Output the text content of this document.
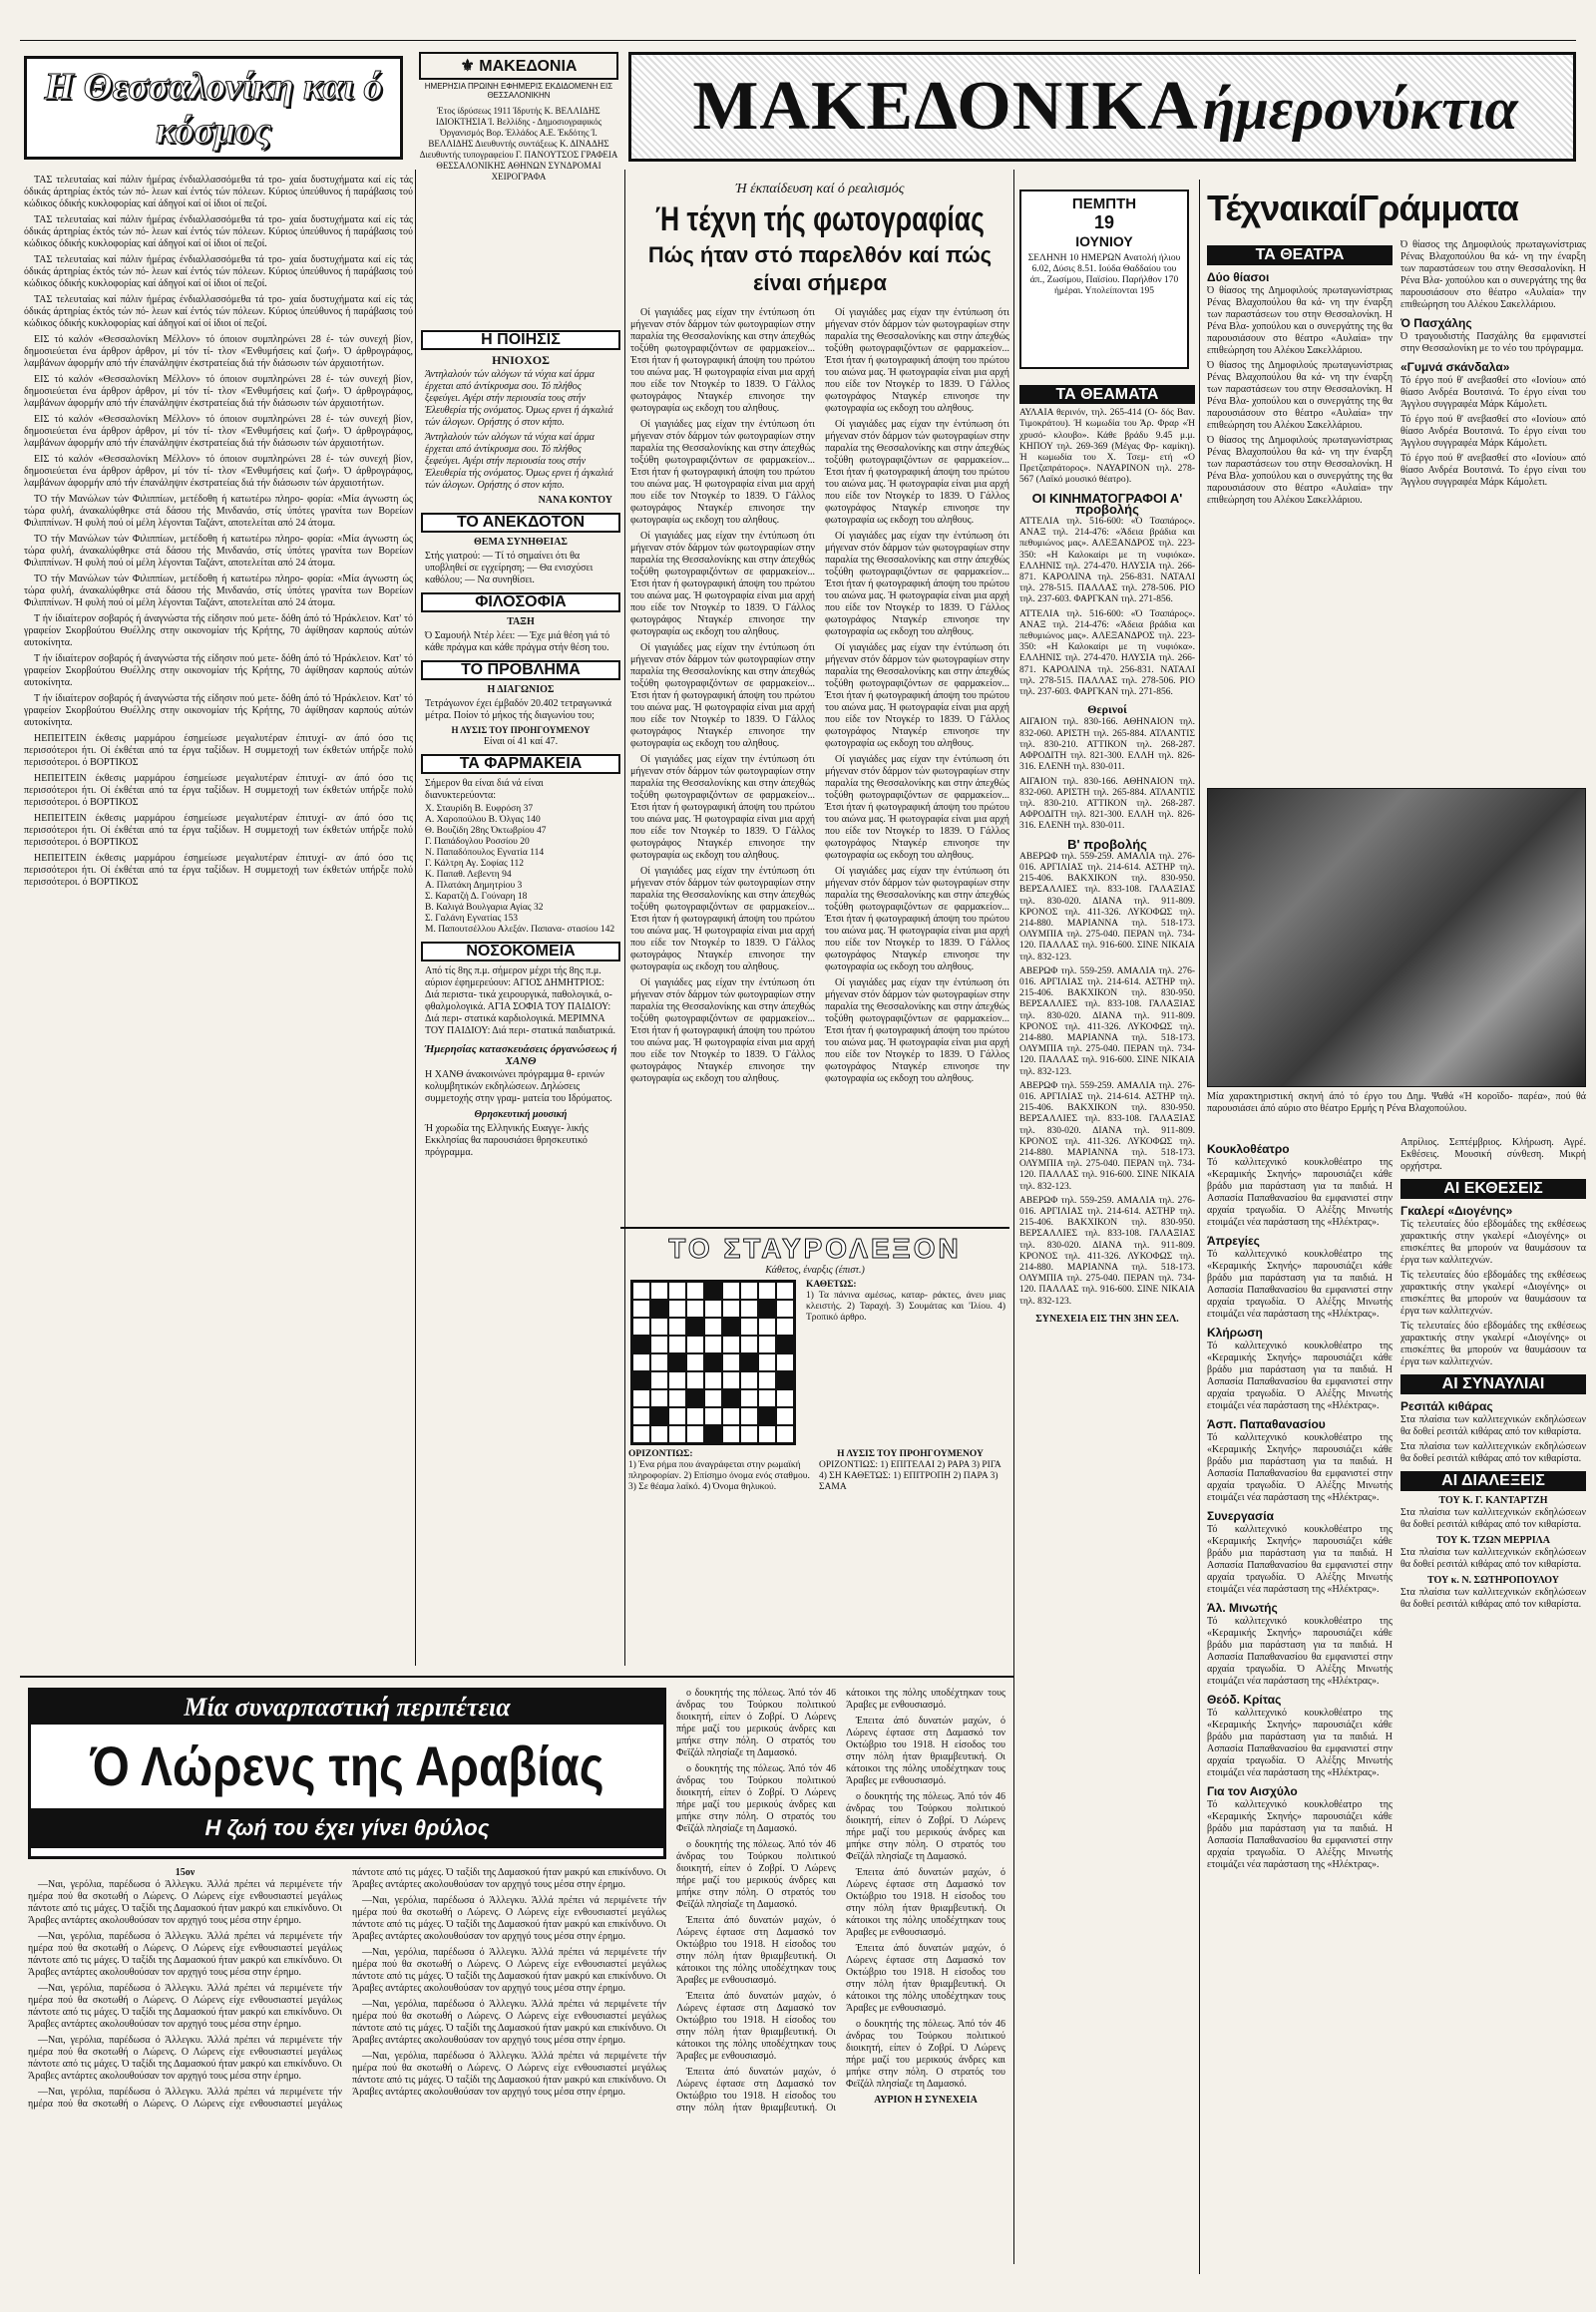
Η Θεσσαλονίκη και ό κόσμος
⚜ ΜΑΚΕΔΟΝΙΑ
ΗΜΕΡΗΣΙΑ ΠΡΩΙΝΗ ΕΦΗΜΕΡΙΣ ΕΚΔΙΔΟΜΕΝΗ ΕΙΣ ΘΕΣΣΑΛΟΝΙΚΗΝ
Έτος ίδρύσεως 1911 Ίδρυτής Κ. ΒΕΛΛΙΔΗΣ ΙΔΙΟΚΤΗΣΙΑ Ί. Βελλίδης - Δημοσιογραφικός Όργανισμός Βορ. Έλλάδος Α.Ε. Έκδότης Ί. ΒΕΛΛΙΔΗΣ Διευθυντής συντάξεως Κ. ΔΙΝΑΔΗΣ Διευθυντής τυπογραφείου Γ. ΠΑΝΟΥΤΣΟΣ ΓΡΑΦΕΙΑ ΘΕΣΣΑΛΟΝΙΚΗΣ ΑΘΗΝΩΝ ΣΥΝΔΡΟΜΑΙ ΧΕΙΡΟΓΡΑΦΑ
ΜΑΚΕΔΟΝΙΚΑ ήμερονύκτια

ΤΑΣ τελευταίας καί πάλιν ήμέρας ένδιαλλασσόμεθα τά τρο- χαία δυστυχήματα καί είς τάς όδικάς άρτηρίας έκτός τών πό- λεων καί έντός τών πόλεων. Κύριος ύπεύθυνος ή παράβασις τού κώδικος όδικής κυκλοφορίας καί άδηγοί καί οί ίδιοι οί πεζοί.

ΤΑΣ τελευταίας καί πάλιν ήμέρας ένδιαλλασσόμεθα τά τρο- χαία δυστυχήματα καί είς τάς όδικάς άρτηρίας έκτός τών πό- λεων καί έντός τών πόλεων. Κύριος ύπεύθυνος ή παράβασις τού κώδικος όδικής κυκλοφορίας καί άδηγοί καί οί ίδιοι οί πεζοί.

ΤΑΣ τελευταίας καί πάλιν ήμέρας ένδιαλλασσόμεθα τά τρο- χαία δυστυχήματα καί είς τάς όδικάς άρτηρίας έκτός τών πό- λεων καί έντός τών πόλεων. Κύριος ύπεύθυνος ή παράβασις τού κώδικος όδικής κυκλοφορίας καί άδηγοί καί οί ίδιοι οί πεζοί.

ΤΑΣ τελευταίας καί πάλιν ήμέρας ένδιαλλασσόμεθα τά τρο- χαία δυστυχήματα καί είς τάς όδικάς άρτηρίας έκτός τών πό- λεων καί έντός τών πόλεων. Κύριος ύπεύθυνος ή παράβασις τού κώδικος όδικής κυκλοφορίας καί άδηγοί καί οί ίδιοι οί πεζοί.

ΕΙΣ τό καλόν «Θεσσαλονίκη Μέλλον» τό όποιον συμπληρώνει 28 έ- τών συνεχή βίον, δημοσιεύεται ένα άρθρον άρθρον, μί τόν τί- τλον «Ένθυμήσεις καί ζωή». Ό άρθρογράφος, λαμβάνων άφορμήν από τήν έπανάληψιν έκστρατείας διά τήν διάσωσιν τών άρχαιοτήτων.

ΕΙΣ τό καλόν «Θεσσαλονίκη Μέλλον» τό όποιον συμπληρώνει 28 έ- τών συνεχή βίον, δημοσιεύεται ένα άρθρον άρθρον, μί τόν τί- τλον «Ένθυμήσεις καί ζωή». Ό άρθρογράφος, λαμβάνων άφορμήν από τήν έπανάληψιν έκστρατείας διά τήν διάσωσιν τών άρχαιοτήτων.

ΕΙΣ τό καλόν «Θεσσαλονίκη Μέλλον» τό όποιον συμπληρώνει 28 έ- τών συνεχή βίον, δημοσιεύεται ένα άρθρον άρθρον, μί τόν τί- τλον «Ένθυμήσεις καί ζωή». Ό άρθρογράφος, λαμβάνων άφορμήν από τήν έπανάληψιν έκστρατείας διά τήν διάσωσιν τών άρχαιοτήτων.

ΕΙΣ τό καλόν «Θεσσαλονίκη Μέλλον» τό όποιον συμπληρώνει 28 έ- τών συνεχή βίον, δημοσιεύεται ένα άρθρον άρθρον, μί τόν τί- τλον «Ένθυμήσεις καί ζωή». Ό άρθρογράφος, λαμβάνων άφορμήν από τήν έπανάληψιν έκστρατείας διά τήν διάσωσιν τών άρχαιοτήτων.

ΤΟ τήν Μανώλων τών Φιλιππίων, μετέδοθη ή κατωτέρω πληρο- φορία: «Μία άγνωστη ώς τώρα φυλή, άνακαλύφθηκε στά δάσου τής Μινδανάο, στίς ύπότες γρανίτα των Βορείων Φιλιππίνων. Ή φυλή πού οί μέλη λέγονται Ταζάντ, αποτελείται από 24 άτομα.

ΤΟ τήν Μανώλων τών Φιλιππίων, μετέδοθη ή κατωτέρω πληρο- φορία: «Μία άγνωστη ώς τώρα φυλή, άνακαλύφθηκε στά δάσου τής Μινδανάο, στίς ύπότες γρανίτα των Βορείων Φιλιππίνων. Ή φυλή πού οί μέλη λέγονται Ταζάντ, αποτελείται από 24 άτομα.

ΤΟ τήν Μανώλων τών Φιλιππίων, μετέδοθη ή κατωτέρω πληρο- φορία: «Μία άγνωστη ώς τώρα φυλή, άνακαλύφθηκε στά δάσου τής Μινδανάο, στίς ύπότες γρανίτα των Βορείων Φιλιππίνων. Ή φυλή πού οί μέλη λέγονται Ταζάντ, αποτελείται από 24 άτομα.

Τ ήν ίδιαίτερον σοβαρός ή άναγνώστα τής είδησιν πού μετε- δόθη άπό τό Ήράκλειον. Κατ' τό γραφείον Σκορβούτου Θυέλλης στην οικονομίαν τής Κρήτης, 70 άφίθησαν καρπούς αύτών αυτοκίνητα.

Τ ήν ίδιαίτερον σοβαρός ή άναγνώστα τής είδησιν πού μετε- δόθη άπό τό Ήράκλειον. Κατ' τό γραφείον Σκορβούτου Θυέλλης στην οικονομίαν τής Κρήτης, 70 άφίθησαν καρπούς αύτών αυτοκίνητα.

Τ ήν ίδιαίτερον σοβαρός ή άναγνώστα τής είδησιν πού μετε- δόθη άπό τό Ήράκλειον. Κατ' τό γραφείον Σκορβούτου Θυέλλης στην οικονομίαν τής Κρήτης, 70 άφίθησαν καρπούς αύτών αυτοκίνητα.

ΗΕΠΕΙΤΕΙΝ έκθεσις μαρμάρου έσημείωσε μεγαλυτέραν έπιτυχί- αν άπό όσο τις περισσότεροι ήτι. Οί έκθέται από τα έργα ταξίδων. Η συμμετοχή των έκθετών υπήρξε πολύ περισσότεροι. ό ΒΟΡΤΙΚΟΣ

ΗΕΠΕΙΤΕΙΝ έκθεσις μαρμάρου έσημείωσε μεγαλυτέραν έπιτυχί- αν άπό όσο τις περισσότεροι ήτι. Οί έκθέται από τα έργα ταξίδων. Η συμμετοχή των έκθετών υπήρξε πολύ περισσότεροι. ό ΒΟΡΤΙΚΟΣ

ΗΕΠΕΙΤΕΙΝ έκθεσις μαρμάρου έσημείωσε μεγαλυτέραν έπιτυχί- αν άπό όσο τις περισσότεροι ήτι. Οί έκθέται από τα έργα ταξίδων. Η συμμετοχή των έκθετών υπήρξε πολύ περισσότεροι. ό ΒΟΡΤΙΚΟΣ

ΗΕΠΕΙΤΕΙΝ έκθεσις μαρμάρου έσημείωσε μεγαλυτέραν έπιτυχί- αν άπό όσο τις περισσότεροι ήτι. Οί έκθέται από τα έργα ταξίδων. Η συμμετοχή των έκθετών υπήρξε πολύ περισσότεροι. ό ΒΟΡΤΙΚΟΣ

Η ΠΟΙΗΣΙΣ
ΗΝΙΟΧΟΣ
Άντηλαλούν τών αλόγων τά νύχια καί άρμα έρχεται από άντίκρυσμα σου. Τό πλήθος ξεφεύγει. Αγέρι στήν περιουσία τους στήν Έλευθερία τής ονόματος. Όμως ερνει ή άγκαλιά τών άλογων. Ορήστης ό στον κήπο.
Άντηλαλούν τών αλόγων τά νύχια καί άρμα έρχεται από άντίκρυσμα σου. Τό πλήθος ξεφεύγει. Αγέρι στήν περιουσία τους στήν Έλευθερία τής ονόματος. Όμως ερνει ή άγκαλιά τών άλογων. Ορήστης ό στον κήπο.
ΝΑΝΑ ΚΟΝΤΟΥ
ΤΟ ΑΝΕΚΔΟΤΟΝ
ΘΕΜΑ ΣΥΝΗΘΕΙΑΣ
Στής γιατρού: — Τί τό σημαίνει ότι θα υποβληθεί σε εγχείρηση; — Θα ενισχύσει καθόλου; — Να συνηθίσει.
ΦΙΛΟΣΟΦΙΑ
ΤΑΞΗ
Ό Σαμουήλ Ντέρ λέει: — Έχε μιά θέση γιά τό κάθε πράγμα και κάθε πράγμα στήν θέση του.
ΤΟ ΠΡΟΒΛΗΜΑ
Η ΔΙΑΓΩΝΙΟΣ
Τετράγωνον έχει έμβαδόν 20.402 τετραγωνικά μέτρα. Ποίον τό μήκος τής διαγωνίου του;
Η ΛΥΣΙΣ ΤΟΥ ΠΡΟΗΓΟΥΜΕΝΟΥ
Είναι οί 41 καί 47.
ΤΑ ΦΑΡΜΑΚΕΙΑ
Σήμερον θα είναι διά νά είναι διανυκτερεύοντα:
Χ. Σταυρίδη Β. Ευφρόση 37
Α. Χαροπούλου Β. Όλγας 140
Θ. Βουζίδη 28ης Όκτωβρίου 47
Γ. Παπάδογλου Ροσσίου 20
Ν. Παπαδόπουλος Εγνατία 114
Γ. Κάλτρη Αγ. Σοφίας 112
Κ. Παπαθ. Λεβεντη 94
Α. Πλατάκη Δημητρίου 3
Σ. Καρατζή Δ. Γούναρη 18
Β. Καλιγά Βουλγαρια Αγίας 32
Σ. Γαλάνη Εγνατίας 153
Μ. Παπουτσέλλου Αλεξάν. Παπανα- στασίου 142
ΝΟΣΟΚΟΜΕΙΑ
Από τίς 8ης π.μ. σήμερον μέχρι τής 8ης π.μ. αύριον έφημερεύουν: ΑΓΙΟΣ ΔΗΜΗΤΡΙΟΣ: Διά περιστα- τικά χειρουργικά, παθολογικά, ο- φθαλμολογικά. ΑΓΙΑ ΣΟΦΙΑ ΤΟΥ ΠΑΙΔΙΟΥ: Διά περι- στατικά καρδιολογικά. ΜΕΡΙΜΝΑ ΤΟΥ ΠΑΙΔΙΟΥ: Διά περι- στατικά παιδιατρικά.
Ήμερησίας κατασκευάσεις όργανώσεως ή ΧΑΝΘ
Η ΧΑΝΘ άνακοινώνει πρόγραμμα θ- ερινών κολυμβητικών εκδηλώσεων. Δηλώσεις συμμετοχής στην γραμ- ματεία του Ιδρύματος.
Θρησκευτική μουσική
Ή χορωδία της Ελληνικής Ευαγγε- λικής Εκκλησίας θα παρουσιάσει θρησκευτικό πρόγραμμα.
Ή έκπαίδευση καί ό ρεαλισμός
Ή τέχνη τής φωτογραφίας
Πώς ήταν στό παρελθόν καί πώς είναι σήμερα

Οί γιαγιάδες μας είχαν την έντύπωση ότι μήγεναν στόν δάρμον τών φωτογραφίων στην παραλία της Θεσσαλονίκης και στην άπεχθώς τοξύθη φωτογραφιζόντων σε φαρμακείον... Έτσι ήταν ή φωτογραφική άποψη του πρώτου του αιώνα μας. Ή φωτογραφία είναι μια αρχή που είδε τον Ντογκέρ το 1839. Ό Γάλλος φωτογράφος Νταγκέρ επινοησε την φωτογραφία ως εκδοχη του αληθους.

Οί γιαγιάδες μας είχαν την έντύπωση ότι μήγεναν στόν δάρμον τών φωτογραφίων στην παραλία της Θεσσαλονίκης και στην άπεχθώς τοξύθη φωτογραφιζόντων σε φαρμακείον... Έτσι ήταν ή φωτογραφική άποψη του πρώτου του αιώνα μας. Ή φωτογραφία είναι μια αρχή που είδε τον Ντογκέρ το 1839. Ό Γάλλος φωτογράφος Νταγκέρ επινοησε την φωτογραφία ως εκδοχη του αληθους.

Οί γιαγιάδες μας είχαν την έντύπωση ότι μήγεναν στόν δάρμον τών φωτογραφίων στην παραλία της Θεσσαλονίκης και στην άπεχθώς τοξύθη φωτογραφιζόντων σε φαρμακείον... Έτσι ήταν ή φωτογραφική άποψη του πρώτου του αιώνα μας. Ή φωτογραφία είναι μια αρχή που είδε τον Ντογκέρ το 1839. Ό Γάλλος φωτογράφος Νταγκέρ επινοησε την φωτογραφία ως εκδοχη του αληθους.

Οί γιαγιάδες μας είχαν την έντύπωση ότι μήγεναν στόν δάρμον τών φωτογραφίων στην παραλία της Θεσσαλονίκης και στην άπεχθώς τοξύθη φωτογραφιζόντων σε φαρμακείον... Έτσι ήταν ή φωτογραφική άποψη του πρώτου του αιώνα μας. Ή φωτογραφία είναι μια αρχή που είδε τον Ντογκέρ το 1839. Ό Γάλλος φωτογράφος Νταγκέρ επινοησε την φωτογραφία ως εκδοχη του αληθους.

Οί γιαγιάδες μας είχαν την έντύπωση ότι μήγεναν στόν δάρμον τών φωτογραφίων στην παραλία της Θεσσαλονίκης και στην άπεχθώς τοξύθη φωτογραφιζόντων σε φαρμακείον... Έτσι ήταν ή φωτογραφική άποψη του πρώτου του αιώνα μας. Ή φωτογραφία είναι μια αρχή που είδε τον Ντογκέρ το 1839. Ό Γάλλος φωτογράφος Νταγκέρ επινοησε την φωτογραφία ως εκδοχη του αληθους.

Οί γιαγιάδες μας είχαν την έντύπωση ότι μήγεναν στόν δάρμον τών φωτογραφίων στην παραλία της Θεσσαλονίκης και στην άπεχθώς τοξύθη φωτογραφιζόντων σε φαρμακείον... Έτσι ήταν ή φωτογραφική άποψη του πρώτου του αιώνα μας. Ή φωτογραφία είναι μια αρχή που είδε τον Ντογκέρ το 1839. Ό Γάλλος φωτογράφος Νταγκέρ επινοησε την φωτογραφία ως εκδοχη του αληθους.

Οί γιαγιάδες μας είχαν την έντύπωση ότι μήγεναν στόν δάρμον τών φωτογραφίων στην παραλία της Θεσσαλονίκης και στην άπεχθώς τοξύθη φωτογραφιζόντων σε φαρμακείον... Έτσι ήταν ή φωτογραφική άποψη του πρώτου του αιώνα μας. Ή φωτογραφία είναι μια αρχή που είδε τον Ντογκέρ το 1839. Ό Γάλλος φωτογράφος Νταγκέρ επινοησε την φωτογραφία ως εκδοχη του αληθους.

Οί γιαγιάδες μας είχαν την έντύπωση ότι μήγεναν στόν δάρμον τών φωτογραφίων στην παραλία της Θεσσαλονίκης και στην άπεχθώς τοξύθη φωτογραφιζόντων σε φαρμακείον... Έτσι ήταν ή φωτογραφική άποψη του πρώτου του αιώνα μας. Ή φωτογραφία είναι μια αρχή που είδε τον Ντογκέρ το 1839. Ό Γάλλος φωτογράφος Νταγκέρ επινοησε την φωτογραφία ως εκδοχη του αληθους.

Οί γιαγιάδες μας είχαν την έντύπωση ότι μήγεναν στόν δάρμον τών φωτογραφίων στην παραλία της Θεσσαλονίκης και στην άπεχθώς τοξύθη φωτογραφιζόντων σε φαρμακείον... Έτσι ήταν ή φωτογραφική άποψη του πρώτου του αιώνα μας. Ή φωτογραφία είναι μια αρχή που είδε τον Ντογκέρ το 1839. Ό Γάλλος φωτογράφος Νταγκέρ επινοησε την φωτογραφία ως εκδοχη του αληθους.

Οί γιαγιάδες μας είχαν την έντύπωση ότι μήγεναν στόν δάρμον τών φωτογραφίων στην παραλία της Θεσσαλονίκης και στην άπεχθώς τοξύθη φωτογραφιζόντων σε φαρμακείον... Έτσι ήταν ή φωτογραφική άποψη του πρώτου του αιώνα μας. Ή φωτογραφία είναι μια αρχή που είδε τον Ντογκέρ το 1839. Ό Γάλλος φωτογράφος Νταγκέρ επινοησε την φωτογραφία ως εκδοχη του αληθους.

Οί γιαγιάδες μας είχαν την έντύπωση ότι μήγεναν στόν δάρμον τών φωτογραφίων στην παραλία της Θεσσαλονίκης και στην άπεχθώς τοξύθη φωτογραφιζόντων σε φαρμακείον... Έτσι ήταν ή φωτογραφική άποψη του πρώτου του αιώνα μας. Ή φωτογραφία είναι μια αρχή που είδε τον Ντογκέρ το 1839. Ό Γάλλος φωτογράφος Νταγκέρ επινοησε την φωτογραφία ως εκδοχη του αληθους.

Οί γιαγιάδες μας είχαν την έντύπωση ότι μήγεναν στόν δάρμον τών φωτογραφίων στην παραλία της Θεσσαλονίκης και στην άπεχθώς τοξύθη φωτογραφιζόντων σε φαρμακείον... Έτσι ήταν ή φωτογραφική άποψη του πρώτου του αιώνα μας. Ή φωτογραφία είναι μια αρχή που είδε τον Ντογκέρ το 1839. Ό Γάλλος φωτογράφος Νταγκέρ επινοησε την φωτογραφία ως εκδοχη του αληθους.

Οί γιαγιάδες μας είχαν την έντύπωση ότι μήγεναν στόν δάρμον τών φωτογραφίων στην παραλία της Θεσσαλονίκης και στην άπεχθώς τοξύθη φωτογραφιζόντων σε φαρμακείον... Έτσι ήταν ή φωτογραφική άποψη του πρώτου του αιώνα μας. Ή φωτογραφία είναι μια αρχή που είδε τον Ντογκέρ το 1839. Ό Γάλλος φωτογράφος Νταγκέρ επινοησε την φωτογραφία ως εκδοχη του αληθους.

Οί γιαγιάδες μας είχαν την έντύπωση ότι μήγεναν στόν δάρμον τών φωτογραφίων στην παραλία της Θεσσαλονίκης και στην άπεχθώς τοξύθη φωτογραφιζόντων σε φαρμακείον... Έτσι ήταν ή φωτογραφική άποψη του πρώτου του αιώνα μας. Ή φωτογραφία είναι μια αρχή που είδε τον Ντογκέρ το 1839. Ό Γάλλος φωτογράφος Νταγκέρ επινοησε την φωτογραφία ως εκδοχη του αληθους.

ΤΟ ΣΤΑΥΡΟΛΕΞΟΝ
Κάθετος, έναρξις (έπιστ.)
ΚΑΘΕΤΩΣ:
1) Τα πάνινα αμέσως, καταρ- ράκτες, άνευ μιας κλειστής. 2) Ταραχή. 3) Σουμάτας και 'Ιλίου. 4) Τροπικό άρθρο.
ΟΡΙΖΟΝΤΙΩΣ:
1) Ένα ρήμα που άναγράφεται στην ρωμαϊκή πληροφορίαν. 2) Επίσημο όνομα ενός σταθμου. 3) Σε θέαμα λαϊκό. 4) Όνομα θηλυκού.
Η ΛΥΣΙΣ ΤΟΥ ΠΡΟΗΓΟΥΜΕΝΟΥ
ΟΡΙΖΟΝΤΙΩΣ: 1) ΕΠΙΤΕΛΑΙ 2) ΡΑΡΑ 3) ΡΙΓΑ 4) ΣΗ ΚΑΘΕΤΩΣ: 1) ΕΠΙΤΡΟΠΗ 2) ΠΑΡΑ 3) ΣΑΜΑ
ΠΕΜΠΤΗ
19
ΙΟΥΝΙΟΥ
ΣΕΛΗΝΗ 10 ΗΜΕΡΩΝ Ανατολή ήλιου 6.02, Δύσις 8.51. Ιούδα Θαδδαίου του άπ., Ζωσίμου, Παϊσίου. Παρήλθον 170 ήμέραι. Υπολείπονται 195
ΤΑ ΘΕΑΜΑΤΑ
ΑΥΛΑΙΑ θερινόν, τηλ. 265-414 (Ο- δός Βαν. Τιμοκράτου). Ή κωμωδία του Άρ. Φραρ «Ή χρυσό- κλουβο». Κάθε βράδυ 9.45 μ.μ. ΚΗΠΟΥ τηλ. 269-369 (Μέγας Φρ- καμίκη). Ή κωμωδία του Χ. Τσεμ- ετή «Ο Πρετζαπράτορος». ΝΑΥΑΡΙΝΟΝ τηλ. 278-567 (Λαϊκό μουσικό θέατρο).
ΟΙ ΚΙΝΗΜΑΤΟΓΡΑΦΟΙ Α' προβολής
ΑΤΤΕΛΙΑ τηλ. 516-600: «Ό Τσαπάρος». ΑΝΑΞ τηλ. 214-476: «Άδεια βράδια και πεθυμιώνος μας». ΑΛΕΞΑΝΔΡΟΣ τηλ. 223-350: «Η Καλοκαίρι με τη νυφιόκα». ΕΛΛΗΝΙΣ τηλ. 274-470. ΗΛΥΣΙΑ τηλ. 266-871. ΚΑΡΟΛΙΝΑ τηλ. 256-831. ΝΑΤΑΛΙ τηλ. 278-515. ΠΑΛΛΑΣ τηλ. 278-506. ΡΙΟ τηλ. 237-603. ΦΑΡΓΚΑΝ τηλ. 271-856.
ΑΤΤΕΛΙΑ τηλ. 516-600: «Ό Τσαπάρος». ΑΝΑΞ τηλ. 214-476: «Άδεια βράδια και πεθυμιώνος μας». ΑΛΕΞΑΝΔΡΟΣ τηλ. 223-350: «Η Καλοκαίρι με τη νυφιόκα». ΕΛΛΗΝΙΣ τηλ. 274-470. ΗΛΥΣΙΑ τηλ. 266-871. ΚΑΡΟΛΙΝΑ τηλ. 256-831. ΝΑΤΑΛΙ τηλ. 278-515. ΠΑΛΛΑΣ τηλ. 278-506. ΡΙΟ τηλ. 237-603. ΦΑΡΓΚΑΝ τηλ. 271-856.
Θερινοί
ΑΙΓΑΙΟΝ τηλ. 830-166. ΑΘΗΝΑΙΟΝ τηλ. 832-060. ΑΡΙΣΤΗ τηλ. 265-884. ΑΤΛΑΝΤΙΣ τηλ. 830-210. ΑΤΤΙΚΟΝ τηλ. 268-287. ΑΦΡΟΔΙΤΗ τηλ. 821-300. ΕΛΛΗ τηλ. 826-316. ΕΛΕΝΗ τηλ. 830-011.
ΑΙΓΑΙΟΝ τηλ. 830-166. ΑΘΗΝΑΙΟΝ τηλ. 832-060. ΑΡΙΣΤΗ τηλ. 265-884. ΑΤΛΑΝΤΙΣ τηλ. 830-210. ΑΤΤΙΚΟΝ τηλ. 268-287. ΑΦΡΟΔΙΤΗ τηλ. 821-300. ΕΛΛΗ τηλ. 826-316. ΕΛΕΝΗ τηλ. 830-011.
Β' προβολής
ΑΒΕΡΩΦ τηλ. 559-259. ΑΜΑΛΙΑ τηλ. 276-016. ΑΡΓΙΛΙΑΣ τηλ. 214-614. ΑΣΤΗΡ τηλ. 215-406. ΒΑΚΧΙΚΟΝ τηλ. 830-950. ΒΕΡΣΑΛΛΙΕΣ τηλ. 833-108. ΓΑΛΑΞΙΑΣ τηλ. 830-020. ΔΙΑΝΑ τηλ. 911-809. ΚΡΟΝΟΣ τηλ. 411-326. ΛΥΚΟΦΩΣ τηλ. 214-880. ΜΑΡΙΑΝΝΑ τηλ. 518-173. ΟΛΥΜΠΙΑ τηλ. 275-040. ΠΕΡΑΝ τηλ. 734-120. ΠΑΛΛΑΣ τηλ. 916-600. ΣΙΝΕ ΝΙΚΑΙΑ τηλ. 832-123.
ΑΒΕΡΩΦ τηλ. 559-259. ΑΜΑΛΙΑ τηλ. 276-016. ΑΡΓΙΛΙΑΣ τηλ. 214-614. ΑΣΤΗΡ τηλ. 215-406. ΒΑΚΧΙΚΟΝ τηλ. 830-950. ΒΕΡΣΑΛΛΙΕΣ τηλ. 833-108. ΓΑΛΑΞΙΑΣ τηλ. 830-020. ΔΙΑΝΑ τηλ. 911-809. ΚΡΟΝΟΣ τηλ. 411-326. ΛΥΚΟΦΩΣ τηλ. 214-880. ΜΑΡΙΑΝΝΑ τηλ. 518-173. ΟΛΥΜΠΙΑ τηλ. 275-040. ΠΕΡΑΝ τηλ. 734-120. ΠΑΛΛΑΣ τηλ. 916-600. ΣΙΝΕ ΝΙΚΑΙΑ τηλ. 832-123.
ΑΒΕΡΩΦ τηλ. 559-259. ΑΜΑΛΙΑ τηλ. 276-016. ΑΡΓΙΛΙΑΣ τηλ. 214-614. ΑΣΤΗΡ τηλ. 215-406. ΒΑΚΧΙΚΟΝ τηλ. 830-950. ΒΕΡΣΑΛΛΙΕΣ τηλ. 833-108. ΓΑΛΑΞΙΑΣ τηλ. 830-020. ΔΙΑΝΑ τηλ. 911-809. ΚΡΟΝΟΣ τηλ. 411-326. ΛΥΚΟΦΩΣ τηλ. 214-880. ΜΑΡΙΑΝΝΑ τηλ. 518-173. ΟΛΥΜΠΙΑ τηλ. 275-040. ΠΕΡΑΝ τηλ. 734-120. ΠΑΛΛΑΣ τηλ. 916-600. ΣΙΝΕ ΝΙΚΑΙΑ τηλ. 832-123.
ΑΒΕΡΩΦ τηλ. 559-259. ΑΜΑΛΙΑ τηλ. 276-016. ΑΡΓΙΛΙΑΣ τηλ. 214-614. ΑΣΤΗΡ τηλ. 215-406. ΒΑΚΧΙΚΟΝ τηλ. 830-950. ΒΕΡΣΑΛΛΙΕΣ τηλ. 833-108. ΓΑΛΑΞΙΑΣ τηλ. 830-020. ΔΙΑΝΑ τηλ. 911-809. ΚΡΟΝΟΣ τηλ. 411-326. ΛΥΚΟΦΩΣ τηλ. 214-880. ΜΑΡΙΑΝΝΑ τηλ. 518-173. ΟΛΥΜΠΙΑ τηλ. 275-040. ΠΕΡΑΝ τηλ. 734-120. ΠΑΛΛΑΣ τηλ. 916-600. ΣΙΝΕ ΝΙΚΑΙΑ τηλ. 832-123.
ΣΥΝΕΧΕΙΑ ΕΙΣ ΤΗΝ 3ΗΝ ΣΕΛ.
ΤέχναικαίΓράμματα
ΤΑ ΘΕΑΤΡΑ
Δύο θίασοι
Ό θίασος της Δημοφιλούς πρωταγωνίστριας Ρένας Βλαχοπούλου θα κά- νη την έναρξη των παραστάσεων του στην Θεσσαλονίκη. Η Ρένα Βλα- χοπούλου και ο συνεργάτης της θα παρουσιάσουν στο θέατρο «Αυλαία» την επιθεώρηση του Αλέκου Σακελλάριου.
Ό θίασος της Δημοφιλούς πρωταγωνίστριας Ρένας Βλαχοπούλου θα κά- νη την έναρξη των παραστάσεων του στην Θεσσαλονίκη. Η Ρένα Βλα- χοπούλου και ο συνεργάτης της θα παρουσιάσουν στο θέατρο «Αυλαία» την επιθεώρηση του Αλέκου Σακελλάριου.
Ό θίασος της Δημοφιλούς πρωταγωνίστριας Ρένας Βλαχοπούλου θα κά- νη την έναρξη των παραστάσεων του στην Θεσσαλονίκη. Η Ρένα Βλα- χοπούλου και ο συνεργάτης της θα παρουσιάσουν στο θέατρο «Αυλαία» την επιθεώρηση του Αλέκου Σακελλάριου.
Ό θίασος της Δημοφιλούς πρωταγωνίστριας Ρένας Βλαχοπούλου θα κά- νη την έναρξη των παραστάσεων του στην Θεσσαλονίκη. Η Ρένα Βλα- χοπούλου και ο συνεργάτης της θα παρουσιάσουν στο θέατρο «Αυλαία» την επιθεώρηση του Αλέκου Σακελλάριου.
Ό Πασχάλης
Ό τραγουδιστής Πασχάλης θα εμφανιστεί στην Θεσσαλονίκη με το νέο του πρόγραμμα.
«Γυμνά σκάνδαλα»
Τό έργο πού θ' ανεβασθεί στο «Ιονίου» από θίασο Ανδρέα Βουτσινά. Το έργο είναι του Άγγλου συγγραφέα Μάρκ Κάμολετι.
Τό έργο πού θ' ανεβασθεί στο «Ιονίου» από θίασο Ανδρέα Βουτσινά. Το έργο είναι του Άγγλου συγγραφέα Μάρκ Κάμολετι.
Τό έργο πού θ' ανεβασθεί στο «Ιονίου» από θίασο Ανδρέα Βουτσινά. Το έργο είναι του Άγγλου συγγραφέα Μάρκ Κάμολετι.
Μία χαρακτηριστική σκηνή άπό τό έργο του Δημ. Ψαθά «Ή κοροϊδο- παρέα», πού θά παρουσιάσει άπό αύριο στο θέατρο Ερμής η Ρένα Βλαχοπούλου.
Κουκλοθέατρο
Τό καλλιτεχνικό κουκλοθέατρο της «Κεραμικής Σκηνής» παρουσιάζει κάθε βράδυ μια παράσταση για τα παιδιά. Η Ασπασία Παπαθανασίου θα εμφανιστεί στην αρχαία τραγωδία. Ό Αλέξης Μινωτής ετοιμάζει νέα παράσταση της «Ηλέκτρας».
Άπρεγίες
Τό καλλιτεχνικό κουκλοθέατρο της «Κεραμικής Σκηνής» παρουσιάζει κάθε βράδυ μια παράσταση για τα παιδιά. Η Ασπασία Παπαθανασίου θα εμφανιστεί στην αρχαία τραγωδία. Ό Αλέξης Μινωτής ετοιμάζει νέα παράσταση της «Ηλέκτρας».
Κλήρωση
Τό καλλιτεχνικό κουκλοθέατρο της «Κεραμικής Σκηνής» παρουσιάζει κάθε βράδυ μια παράσταση για τα παιδιά. Η Ασπασία Παπαθανασίου θα εμφανιστεί στην αρχαία τραγωδία. Ό Αλέξης Μινωτής ετοιμάζει νέα παράσταση της «Ηλέκτρας».
Άσπ. Παπαθανασίου
Τό καλλιτεχνικό κουκλοθέατρο της «Κεραμικής Σκηνής» παρουσιάζει κάθε βράδυ μια παράσταση για τα παιδιά. Η Ασπασία Παπαθανασίου θα εμφανιστεί στην αρχαία τραγωδία. Ό Αλέξης Μινωτής ετοιμάζει νέα παράσταση της «Ηλέκτρας».
Συνεργασία
Τό καλλιτεχνικό κουκλοθέατρο της «Κεραμικής Σκηνής» παρουσιάζει κάθε βράδυ μια παράσταση για τα παιδιά. Η Ασπασία Παπαθανασίου θα εμφανιστεί στην αρχαία τραγωδία. Ό Αλέξης Μινωτής ετοιμάζει νέα παράσταση της «Ηλέκτρας».
Άλ. Μινωτής
Τό καλλιτεχνικό κουκλοθέατρο της «Κεραμικής Σκηνής» παρουσιάζει κάθε βράδυ μια παράσταση για τα παιδιά. Η Ασπασία Παπαθανασίου θα εμφανιστεί στην αρχαία τραγωδία. Ό Αλέξης Μινωτής ετοιμάζει νέα παράσταση της «Ηλέκτρας».
Θεόδ. Κρίτας
Τό καλλιτεχνικό κουκλοθέατρο της «Κεραμικής Σκηνής» παρουσιάζει κάθε βράδυ μια παράσταση για τα παιδιά. Η Ασπασία Παπαθανασίου θα εμφανιστεί στην αρχαία τραγωδία. Ό Αλέξης Μινωτής ετοιμάζει νέα παράσταση της «Ηλέκτρας».
Για τον Αισχύλο
Τό καλλιτεχνικό κουκλοθέατρο της «Κεραμικής Σκηνής» παρουσιάζει κάθε βράδυ μια παράσταση για τα παιδιά. Η Ασπασία Παπαθανασίου θα εμφανιστεί στην αρχαία τραγωδία. Ό Αλέξης Μινωτής ετοιμάζει νέα παράσταση της «Ηλέκτρας».
Απρίλιος. Σεπτέμβριος. Κλήρωση. Αγρέ. Εκθέσεις. Μουσική σύνθεση. Μικρή ορχήστρα.
ΑΙ ΕΚΘΕΣΕΙΣ
Γκαλερί «Διογένης»
Τίς τελευταίες δύο εβδομάδες της εκθέσεως χαρακτικής στην γκαλερί «Διογένης» οι επισκέπτες θα μπορούν να θαυμάσουν τα έργα των καλλιτεχνών.
Τίς τελευταίες δύο εβδομάδες της εκθέσεως χαρακτικής στην γκαλερί «Διογένης» οι επισκέπτες θα μπορούν να θαυμάσουν τα έργα των καλλιτεχνών.
Τίς τελευταίες δύο εβδομάδες της εκθέσεως χαρακτικής στην γκαλερί «Διογένης» οι επισκέπτες θα μπορούν να θαυμάσουν τα έργα των καλλιτεχνών.
ΑΙ ΣΥΝΑΥΛΙΑΙ
Ρεσιτάλ κιθάρας
Στα πλαίσια των καλλιτεχνικών εκδηλώσεων θα δοθεί ρεσιτάλ κιθάρας από τον κιθαρίστα.
Στα πλαίσια των καλλιτεχνικών εκδηλώσεων θα δοθεί ρεσιτάλ κιθάρας από τον κιθαρίστα.
ΑΙ ΔΙΑΛΕΞΕΙΣ
ΤΟΥ Κ. Γ. ΚΑΝΤΑΡΤΖΗ
Στα πλαίσια των καλλιτεχνικών εκδηλώσεων θα δοθεί ρεσιτάλ κιθάρας από τον κιθαρίστα.
ΤΟΥ Κ. ΤΖΩΝ ΜΕΡΡΙΛΑ
Στα πλαίσια των καλλιτεχνικών εκδηλώσεων θα δοθεί ρεσιτάλ κιθάρας από τον κιθαρίστα.
ΤΟΥ κ. Ν. ΣΩΤΗΡΟΠΟΥΛΟΥ
Στα πλαίσια των καλλιτεχνικών εκδηλώσεων θα δοθεί ρεσιτάλ κιθάρας από τον κιθαρίστα.
Μία συναρπαστική περιπέτεια
Ό Λώρενς της Αραβίας
Η ζωή του έχει γίνει θρύλος
15ον

—Ναι, γερόλια, παρέδωσα ό Άλλεγκυ. Άλλά πρέπει νά περιμένετε τήν ημέρα πού θα σκοτωθή ο Λώρενς. Ο Λώρενς είχε ενθουσιαστεί μεγάλως πάντοτε από τις μάχες. Ό ταξίδι της Δαμασκού ήταν μακρύ και επικίνδυνο. Οι Άραβες αντάρτες ακολουθούσαν τον αρχηγό τους μέσα στην έρημο.

—Ναι, γερόλια, παρέδωσα ό Άλλεγκυ. Άλλά πρέπει νά περιμένετε τήν ημέρα πού θα σκοτωθή ο Λώρενς. Ο Λώρενς είχε ενθουσιαστεί μεγάλως πάντοτε από τις μάχες. Ό ταξίδι της Δαμασκού ήταν μακρύ και επικίνδυνο. Οι Άραβες αντάρτες ακολουθούσαν τον αρχηγό τους μέσα στην έρημο.

—Ναι, γερόλια, παρέδωσα ό Άλλεγκυ. Άλλά πρέπει νά περιμένετε τήν ημέρα πού θα σκοτωθή ο Λώρενς. Ο Λώρενς είχε ενθουσιαστεί μεγάλως πάντοτε από τις μάχες. Ό ταξίδι της Δαμασκού ήταν μακρύ και επικίνδυνο. Οι Άραβες αντάρτες ακολουθούσαν τον αρχηγό τους μέσα στην έρημο.

—Ναι, γερόλια, παρέδωσα ό Άλλεγκυ. Άλλά πρέπει νά περιμένετε τήν ημέρα πού θα σκοτωθή ο Λώρενς. Ο Λώρενς είχε ενθουσιαστεί μεγάλως πάντοτε από τις μάχες. Ό ταξίδι της Δαμασκού ήταν μακρύ και επικίνδυνο. Οι Άραβες αντάρτες ακολουθούσαν τον αρχηγό τους μέσα στην έρημο.

—Ναι, γερόλια, παρέδωσα ό Άλλεγκυ. Άλλά πρέπει νά περιμένετε τήν ημέρα πού θα σκοτωθή ο Λώρενς. Ο Λώρενς είχε ενθουσιαστεί μεγάλως πάντοτε από τις μάχες. Ό ταξίδι της Δαμασκού ήταν μακρύ και επικίνδυνο. Οι Άραβες αντάρτες ακολουθούσαν τον αρχηγό τους μέσα στην έρημο.

—Ναι, γερόλια, παρέδωσα ό Άλλεγκυ. Άλλά πρέπει νά περιμένετε τήν ημέρα πού θα σκοτωθή ο Λώρενς. Ο Λώρενς είχε ενθουσιαστεί μεγάλως πάντοτε από τις μάχες. Ό ταξίδι της Δαμασκού ήταν μακρύ και επικίνδυνο. Οι Άραβες αντάρτες ακολουθούσαν τον αρχηγό τους μέσα στην έρημο.

—Ναι, γερόλια, παρέδωσα ό Άλλεγκυ. Άλλά πρέπει νά περιμένετε τήν ημέρα πού θα σκοτωθή ο Λώρενς. Ο Λώρενς είχε ενθουσιαστεί μεγάλως πάντοτε από τις μάχες. Ό ταξίδι της Δαμασκού ήταν μακρύ και επικίνδυνο. Οι Άραβες αντάρτες ακολουθούσαν τον αρχηγό τους μέσα στην έρημο.

—Ναι, γερόλια, παρέδωσα ό Άλλεγκυ. Άλλά πρέπει νά περιμένετε τήν ημέρα πού θα σκοτωθή ο Λώρενς. Ο Λώρενς είχε ενθουσιαστεί μεγάλως πάντοτε από τις μάχες. Ό ταξίδι της Δαμασκού ήταν μακρύ και επικίνδυνο. Οι Άραβες αντάρτες ακολουθούσαν τον αρχηγό τους μέσα στην έρημο.

—Ναι, γερόλια, παρέδωσα ό Άλλεγκυ. Άλλά πρέπει νά περιμένετε τήν ημέρα πού θα σκοτωθή ο Λώρενς. Ο Λώρενς είχε ενθουσιαστεί μεγάλως πάντοτε από τις μάχες. Ό ταξίδι της Δαμασκού ήταν μακρύ και επικίνδυνο. Οι Άραβες αντάρτες ακολουθούσαν τον αρχηγό τους μέσα στην έρημο.

ο δουκητής της πόλεως. Άπό τόν 46 άνδρας του Τούρκου πολιτικού διοικητή, είπεν ό Ζοβρί. Ό Λώρενς πήρε μαζί του μερικούς άνδρες και μπήκε στην πόλη. Ο στρατός του Φεϊζάλ πλησίαζε τη Δαμασκό.

ο δουκητής της πόλεως. Άπό τόν 46 άνδρας του Τούρκου πολιτικού διοικητή, είπεν ό Ζοβρί. Ό Λώρενς πήρε μαζί του μερικούς άνδρες και μπήκε στην πόλη. Ο στρατός του Φεϊζάλ πλησίαζε τη Δαμασκό.

ο δουκητής της πόλεως. Άπό τόν 46 άνδρας του Τούρκου πολιτικού διοικητή, είπεν ό Ζοβρί. Ό Λώρενς πήρε μαζί του μερικούς άνδρες και μπήκε στην πόλη. Ο στρατός του Φεϊζάλ πλησίαζε τη Δαμασκό.

Έπειτα άπό δυνατών μαχών, ό Λώρενς έφτασε στη Δαμασκό τον Οκτώβριο του 1918. Η είσοδος του στην πόλη ήταν θριαμβευτική. Οι κάτοικοι της πόλης υποδέχτηκαν τους Άραβες με ενθουσιασμό.

Έπειτα άπό δυνατών μαχών, ό Λώρενς έφτασε στη Δαμασκό τον Οκτώβριο του 1918. Η είσοδος του στην πόλη ήταν θριαμβευτική. Οι κάτοικοι της πόλης υποδέχτηκαν τους Άραβες με ενθουσιασμό.

Έπειτα άπό δυνατών μαχών, ό Λώρενς έφτασε στη Δαμασκό τον Οκτώβριο του 1918. Η είσοδος του στην πόλη ήταν θριαμβευτική. Οι κάτοικοι της πόλης υποδέχτηκαν τους Άραβες με ενθουσιασμό.

Έπειτα άπό δυνατών μαχών, ό Λώρενς έφτασε στη Δαμασκό τον Οκτώβριο του 1918. Η είσοδος του στην πόλη ήταν θριαμβευτική. Οι κάτοικοι της πόλης υποδέχτηκαν τους Άραβες με ενθουσιασμό.

ο δουκητής της πόλεως. Άπό τόν 46 άνδρας του Τούρκου πολιτικού διοικητή, είπεν ό Ζοβρί. Ό Λώρενς πήρε μαζί του μερικούς άνδρες και μπήκε στην πόλη. Ο στρατός του Φεϊζάλ πλησίαζε τη Δαμασκό.

Έπειτα άπό δυνατών μαχών, ό Λώρενς έφτασε στη Δαμασκό τον Οκτώβριο του 1918. Η είσοδος του στην πόλη ήταν θριαμβευτική. Οι κάτοικοι της πόλης υποδέχτηκαν τους Άραβες με ενθουσιασμό.

Έπειτα άπό δυνατών μαχών, ό Λώρενς έφτασε στη Δαμασκό τον Οκτώβριο του 1918. Η είσοδος του στην πόλη ήταν θριαμβευτική. Οι κάτοικοι της πόλης υποδέχτηκαν τους Άραβες με ενθουσιασμό.

ο δουκητής της πόλεως. Άπό τόν 46 άνδρας του Τούρκου πολιτικού διοικητή, είπεν ό Ζοβρί. Ό Λώρενς πήρε μαζί του μερικούς άνδρες και μπήκε στην πόλη. Ο στρατός του Φεϊζάλ πλησίαζε τη Δαμασκό.

ΑΥΡΙΟΝ Η ΣΥΝΕΧΕΙΑ
